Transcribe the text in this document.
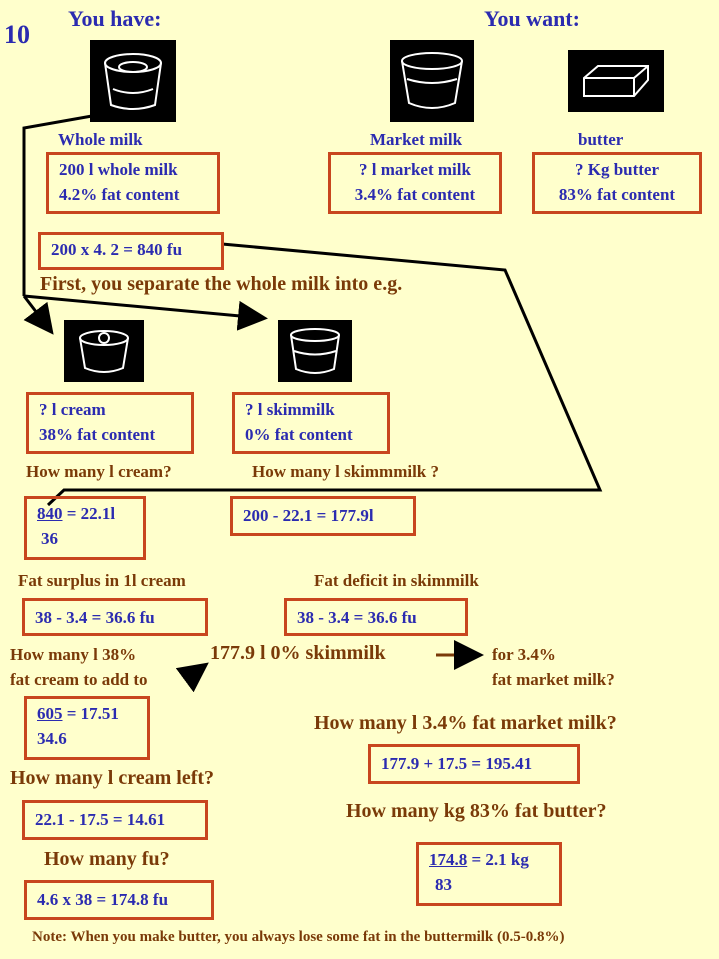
10
You have:	You want:
Whole milk	Market milk	butter
200 l whole milk
4.2% fat content
? l market milk
3.4% fat content
? Kg butter
83% fat content
200 x 4. 2 = 840 fu
First, you separate the whole milk into e.g.
? l cream
38% fat content
? l skimmilk
0% fat content
How many l cream?	How many l skimmmilk ?
840 = 22.1l
36
200 - 22.1 = 177.9l
Fat surplus in 1l cream	Fat deficit in skimmilk
38 - 3.4 = 36.6 fu	38 - 3.4 = 36.6 fu
How many l 38%
fat cream to add to
177.9 l 0% skimmilk	for 3.4%
fat market milk?
605 = 17.51
34.6
How many l 3.4% fat market milk?
177.9 + 17.5 = 195.41
How many l cream left?
22.1 - 17.5 = 14.61	How many kg 83% fat butter?
How many fu?	174.8 = 2.1 kg
83
4.6 x 38 = 174.8 fu
Note: When you make butter, you always lose some fat in the buttermilk (0.5-0.8%)
